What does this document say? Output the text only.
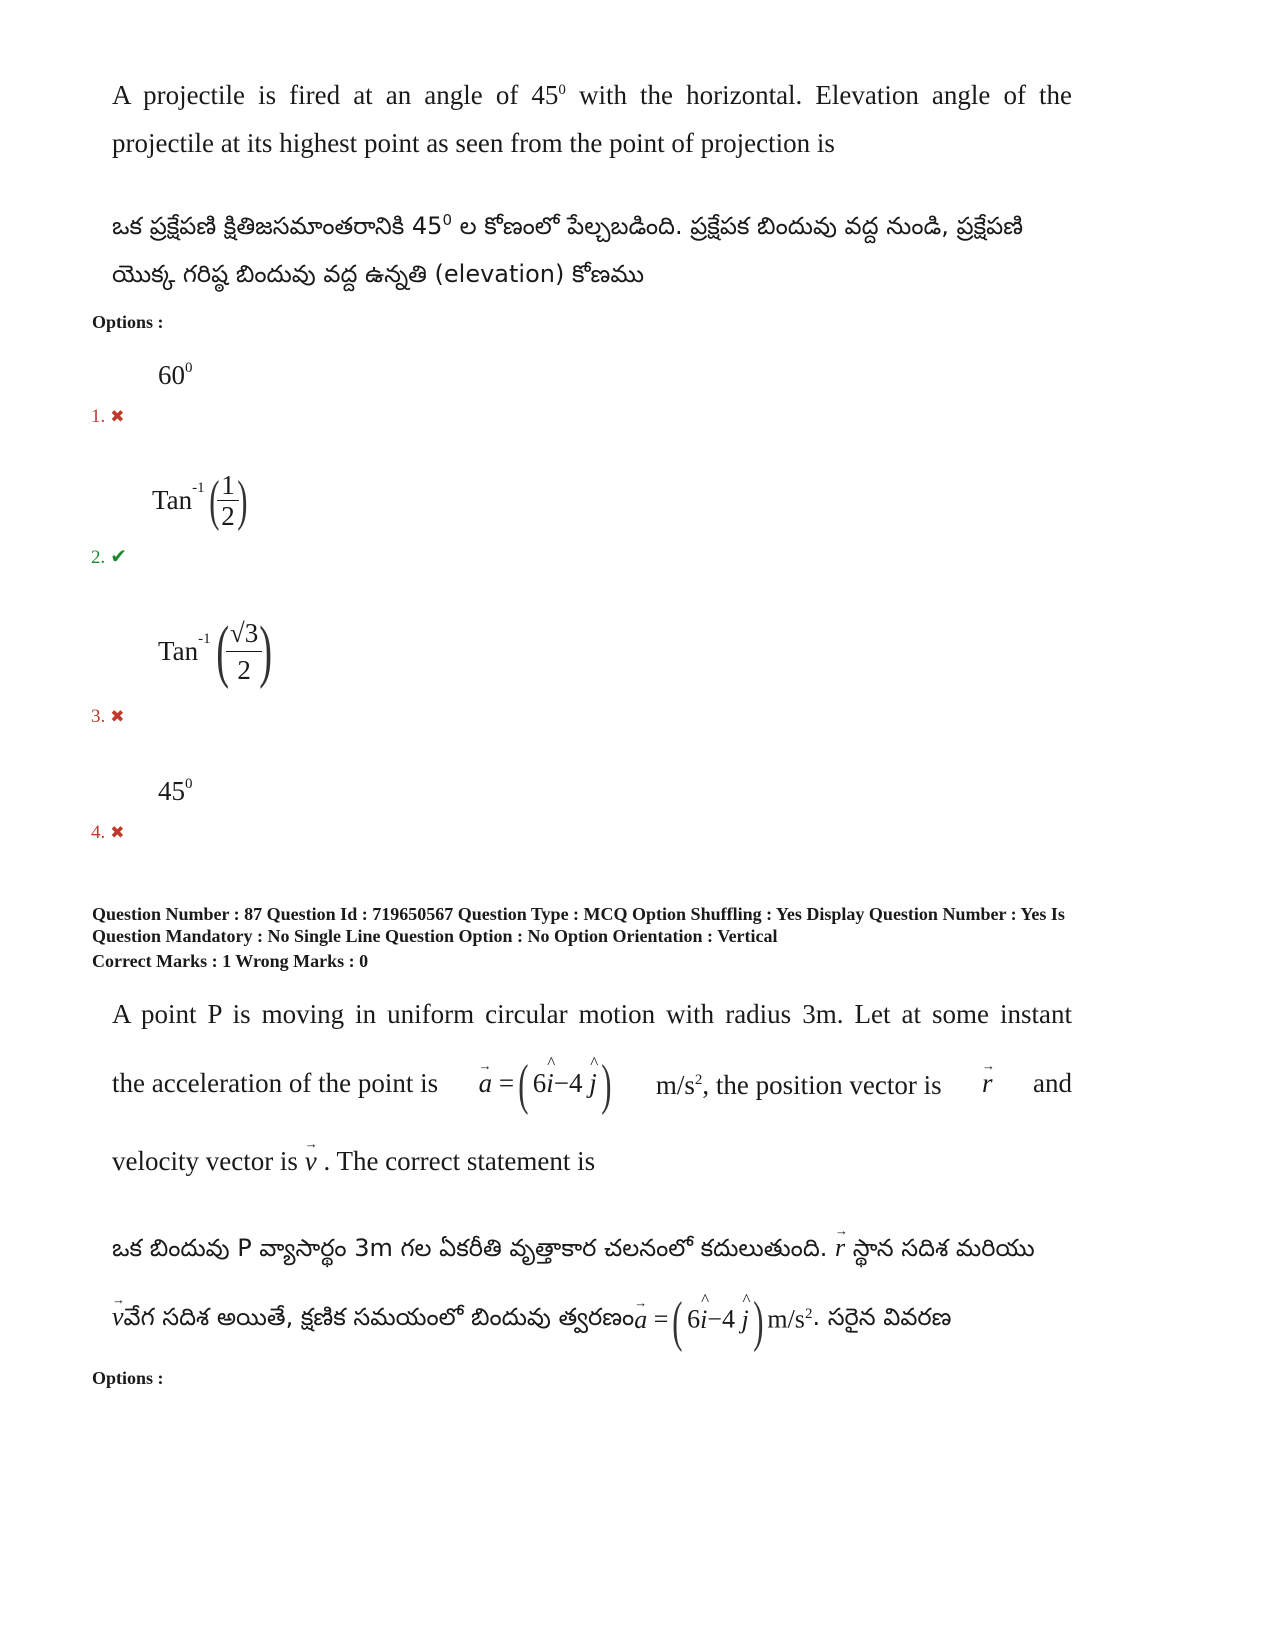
A projectile is fired at an angle of $45^0$ with the horizontal. Elevation angle of the
projectile at its highest point as seen from the point of projection is
ఒక ప్రక్షేపణి క్షితిజసమాంతరానికి $45^0$ ల కోణంలో పేల్చబడింది. ప్రక్షేపక బిందువు వద్ద నుండి, ప్రక్షేపణి
యొక్క గరిష్ఠ బిందువు వద్ద ఉన్నతి (elevation) కోణము
Options :
$60^0$
1. ✖
Tan$^{-1}$ (
$\frac{1}{2}$
)
2. ✔
Tan$^{-1}$ (
$\frac{√3}{2}$
)
3. ✖
$45^0$
4. ✖
Question Number : 87 Question Id : 719650567 Question Type : MCQ Option Shuffling : Yes Display Question Number : Yes Is
Question Mandatory : No Single Line Question Option : No Option Orientation : Vertical
Correct Marks : 1 Wrong Marks : 0
A point P is moving in uniform circular motion with radius 3m. Let at some instant
the acceleration of the point is → a =( 6^ i−4 ^ j) $m/s^2$, the position vector is → r and
velocity vector is → v . The correct statement is
ఒక బిందువు P వ్యాసార్థం 3m గల ఏకరీతి వృత్తాకార చలనంలో కదులుతుంది. → r స్థాన సదిశ మరియు
→ v వేగ సదిశ అయితే, క్షణిక సమయంలో బిందువు త్వరణం → a =( 6^ i−4 ^ j) $m/s^2$ . సరైన వివరణ
Options :
